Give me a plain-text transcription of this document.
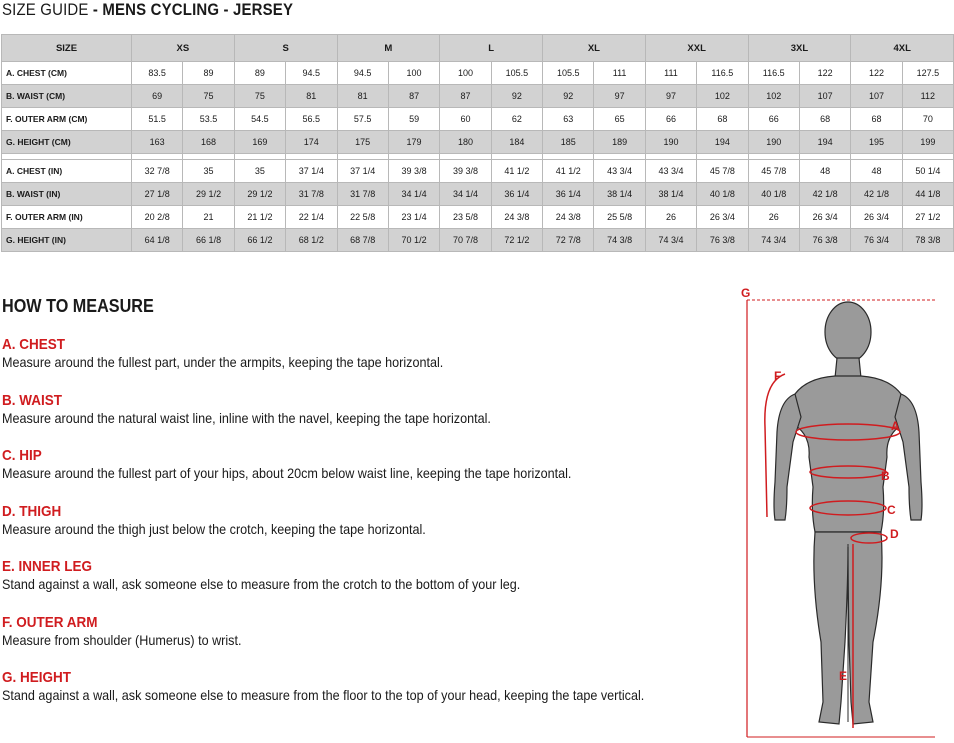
SIZE GUIDE - MENS CYCLING - JERSEY
SIZE	XS		S		M		L		XL		XXL		3XL		4XL	
A. CHEST (CM)	83.5	89	89	94.5	94.5	100	100	105.5	105.5	111	111	116.5	116.5	122	122	127.5
B. WAIST (CM)	69	75	75	81	81	87	87	92	92	97	97	102	102	107	107	112
F. OUTER ARM (CM)	51.5	53.5	54.5	56.5	57.5	59	60	62	63	65	66	68	66	68	68	70
G. HEIGHT (CM)	163	168	169	174	175	179	180	184	185	189	190	194	190	194	195	199

A. CHEST (IN)	32 7/8	35	35	37 1/4	37 1/4	39 3/8	39 3/8	41 1/2	41 1/2	43 3/4	43 3/4	45 7/8	45 7/8	48	48	50 1/4
B. WAIST (IN)	27 1/8	29 1/2	29 1/2	31 7/8	31 7/8	34 1/4	34 1/4	36 1/4	36 1/4	38 1/4	38 1/4	40 1/8	40 1/8	42 1/8	42 1/8	44 1/8
F. OUTER ARM (IN)	20 2/8	21	21 1/2	22 1/4	22 5/8	23 1/4	23 5/8	24 3/8	24 3/8	25 5/8	26	26 3/4	26	26 3/4	26 3/4	27 1/2
G. HEIGHT (IN)	64 1/8	66 1/8	66 1/2	68 1/2	68 7/8	70 1/2	70 7/8	72 1/2	72 7/8	74 3/8	74 3/4	76 3/8	74 3/4	76 3/8	76 3/4	78 3/8
HOW TO MEASURE
A. CHEST
Measure around the fullest part, under the armpits, keeping the tape horizontal.
B. WAIST
Measure around the natural waist line, inline with the navel, keeping the tape horizontal.
C. HIP
Measure around the fullest part of your hips, about 20cm below waist line, keeping the tape horizontal.
D. THIGH
Measure around the thigh just below the crotch, keeping the tape horizontal.
E. INNER LEG
Stand against a wall, ask someone else to measure from the crotch to the bottom of your leg.
F. OUTER ARM
Measure from shoulder (Humerus) to wrist.
G. HEIGHT
Stand against a wall, ask someone else to measure from the floor to the top of your head, keeping the tape vertical.
G
F
A
B
C
D
E
